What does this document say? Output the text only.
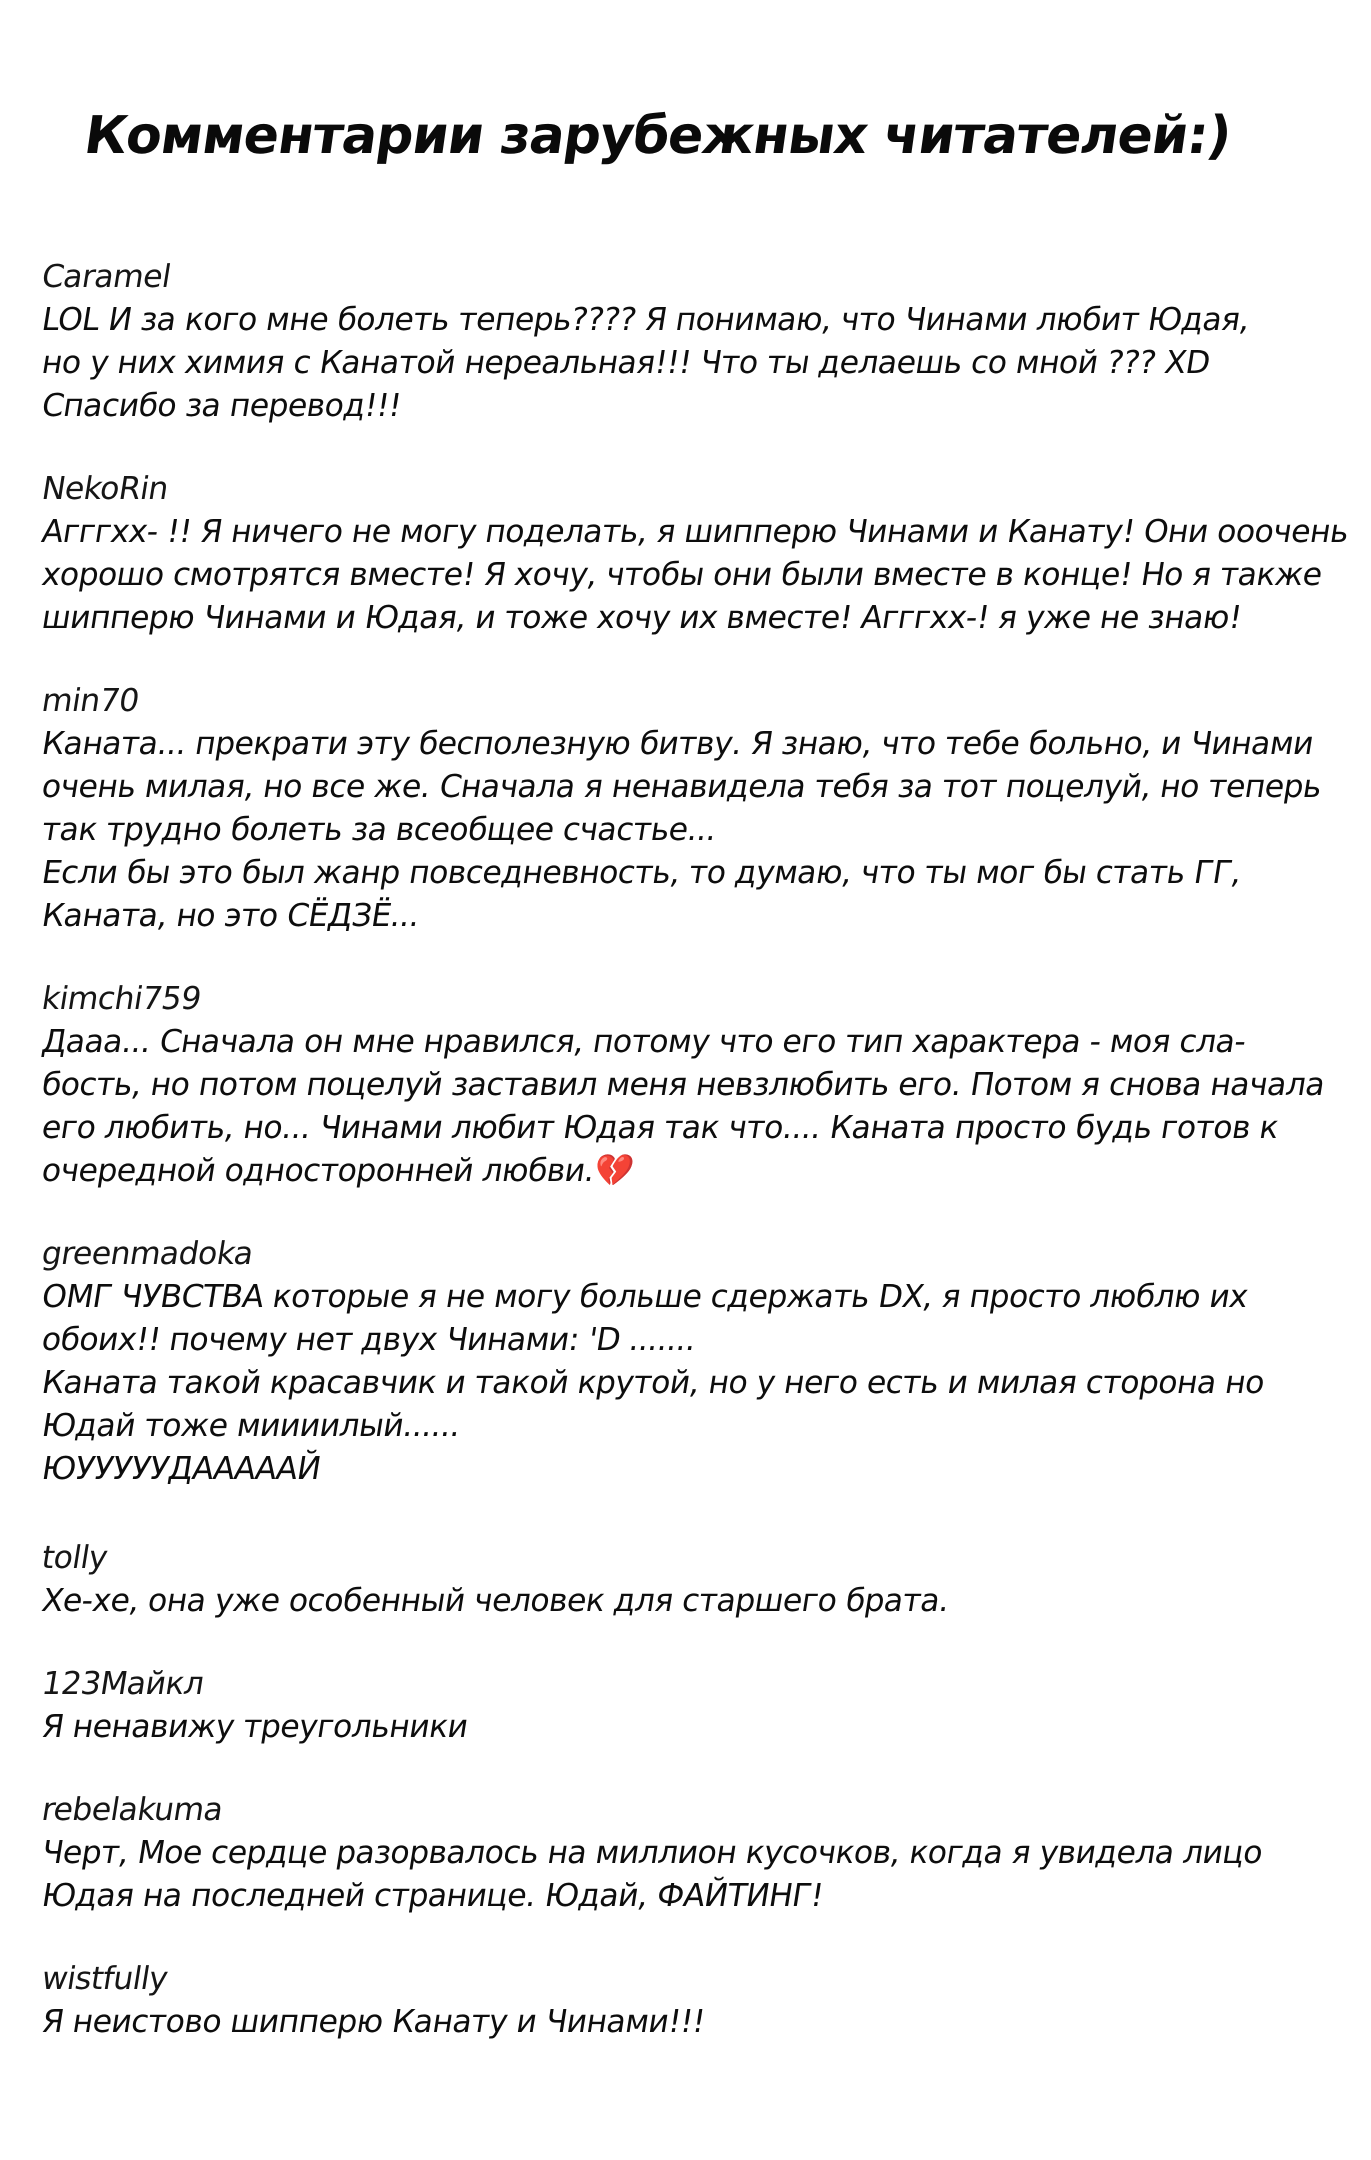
Комментарии зарубежных читателей:)
Caramel
LOL И за кого мне болеть теперь???? Я понимаю, что Чинами любит Юдая,
но у них химия с Канатой нереальная!!! Что ты делаешь со мной ??? XD
Спасибо за перевод!!!
NekoRin
Агггхх- !! Я ничего не могу поделать, я шипперю Чинами и Канату! Они ооочень
хорошо смотрятся вместе! Я хочу, чтобы они были вместе в конце! Но я также
шипперю Чинами и Юдая, и тоже хочу их вместе! Агггхх-! я уже не знаю!
min70
Каната... прекрати эту бесполезную битву. Я знаю, что тебе больно, и Чинами
очень милая, но все же. Сначала я ненавидела тебя за тот поцелуй, но теперь
так трудно болеть за всеобщее счастье...
Если бы это был жанр повседневность, то думаю, что ты мог бы стать ГГ,
Каната, но это СЁДЗЁ...
kimchi759
Дааа... Сначала он мне нравился, потому что его тип характера - моя сла-
бость, но потом поцелуй заставил меня невзлюбить его. Потом я снова начала
его любить, но... Чинами любит Юдая так что.... Каната просто будь готов к
очередной односторонней любви.💔
greenmadoka
ОМГ ЧУВСТВА которые я не могу больше сдержать DX, я просто люблю их
обоих!! почему нет двух Чинами: 'D .......
Каната такой красавчик и такой крутой, но у него есть и милая сторона но
Юдай тоже миииилый......
ЮУУУУУДАААААЙ
tolly
Хе-хе, она уже особенный человек для старшего брата.
123Майкл
Я ненавижу треугольники
rebelakuma
Черт, Мое сердце разорвалось на миллион кусочков, когда я увидела лицо
Юдая на последней странице. Юдай, ФАЙТИНГ!
wistfully
Я неистово шипперю Канату и Чинами!!!
